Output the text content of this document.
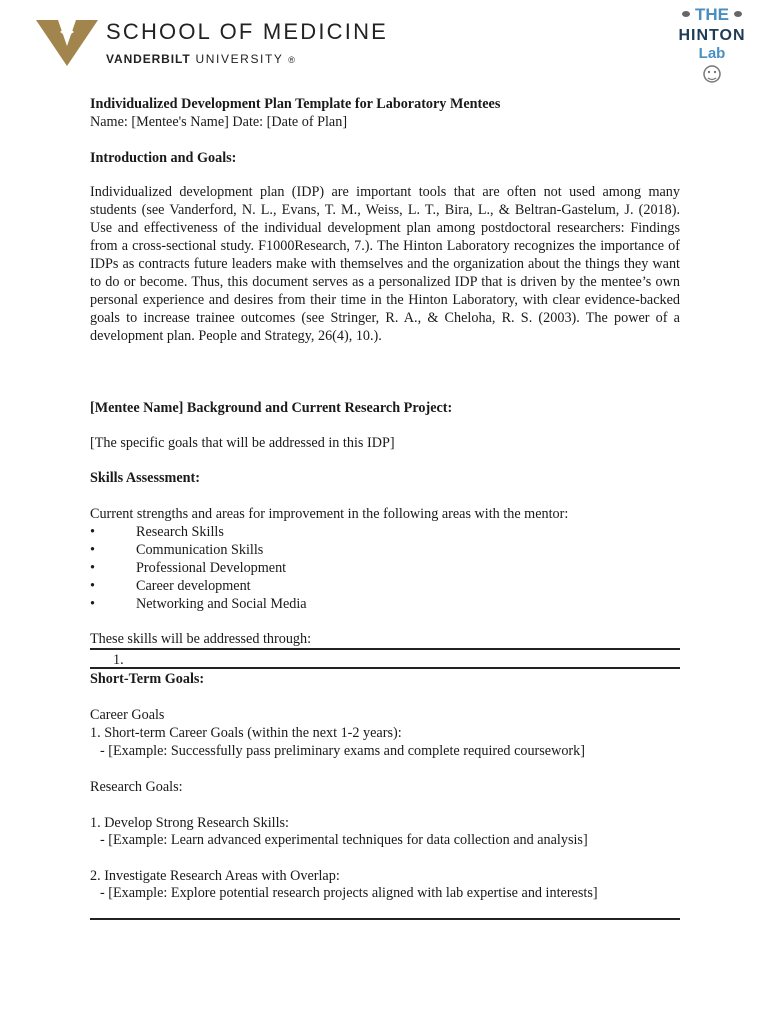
SCHOOL OF MEDICINE
VANDERBILT UNIVERSITY ®
THE
HINTON
Lab
Individualized Development Plan Template for Laboratory Mentees
Name: [Mentee's Name] Date: [Date of Plan]
Introduction and Goals:
Individualized development plan (IDP) are important tools that are often not used among many students (see Vanderford, N. L., Evans, T. M., Weiss, L. T., Bira, L., & Beltran-Gastelum, J. (2018). Use and effectiveness of the individual development plan among postdoctoral researchers: Findings from a cross-sectional study. F1000Research, 7.). The Hinton Laboratory recognizes the importance of IDPs as contracts future leaders make with themselves and the organization about the things they want to do or become. Thus, this document serves as a personalized IDP that is driven by the mentee’s own personal experience and desires from their time in the Hinton Laboratory, with clear evidence-backed goals to increase trainee outcomes (see Stringer, R. A., & Cheloha, R. S. (2003). The power of a development plan. People and Strategy, 26(4), 10.).
[Mentee Name] Background and Current Research Project:
[The specific goals that will be addressed in this IDP]
Skills Assessment:
Current strengths and areas for improvement in the following areas with the mentor:
•	Research Skills
•	Communication Skills
•	Professional Development
•	Career development
•	Networking and Social Media
These skills will be addressed through:
1.
Short-Term Goals:
Career Goals
1. Short-term Career Goals (within the next 1-2 years):
- [Example: Successfully pass preliminary exams and complete required coursework]
Research Goals:
1. Develop Strong Research Skills:
- [Example: Learn advanced experimental techniques for data collection and analysis]
2. Investigate Research Areas with Overlap:
- [Example: Explore potential research projects aligned with lab expertise and interests]
